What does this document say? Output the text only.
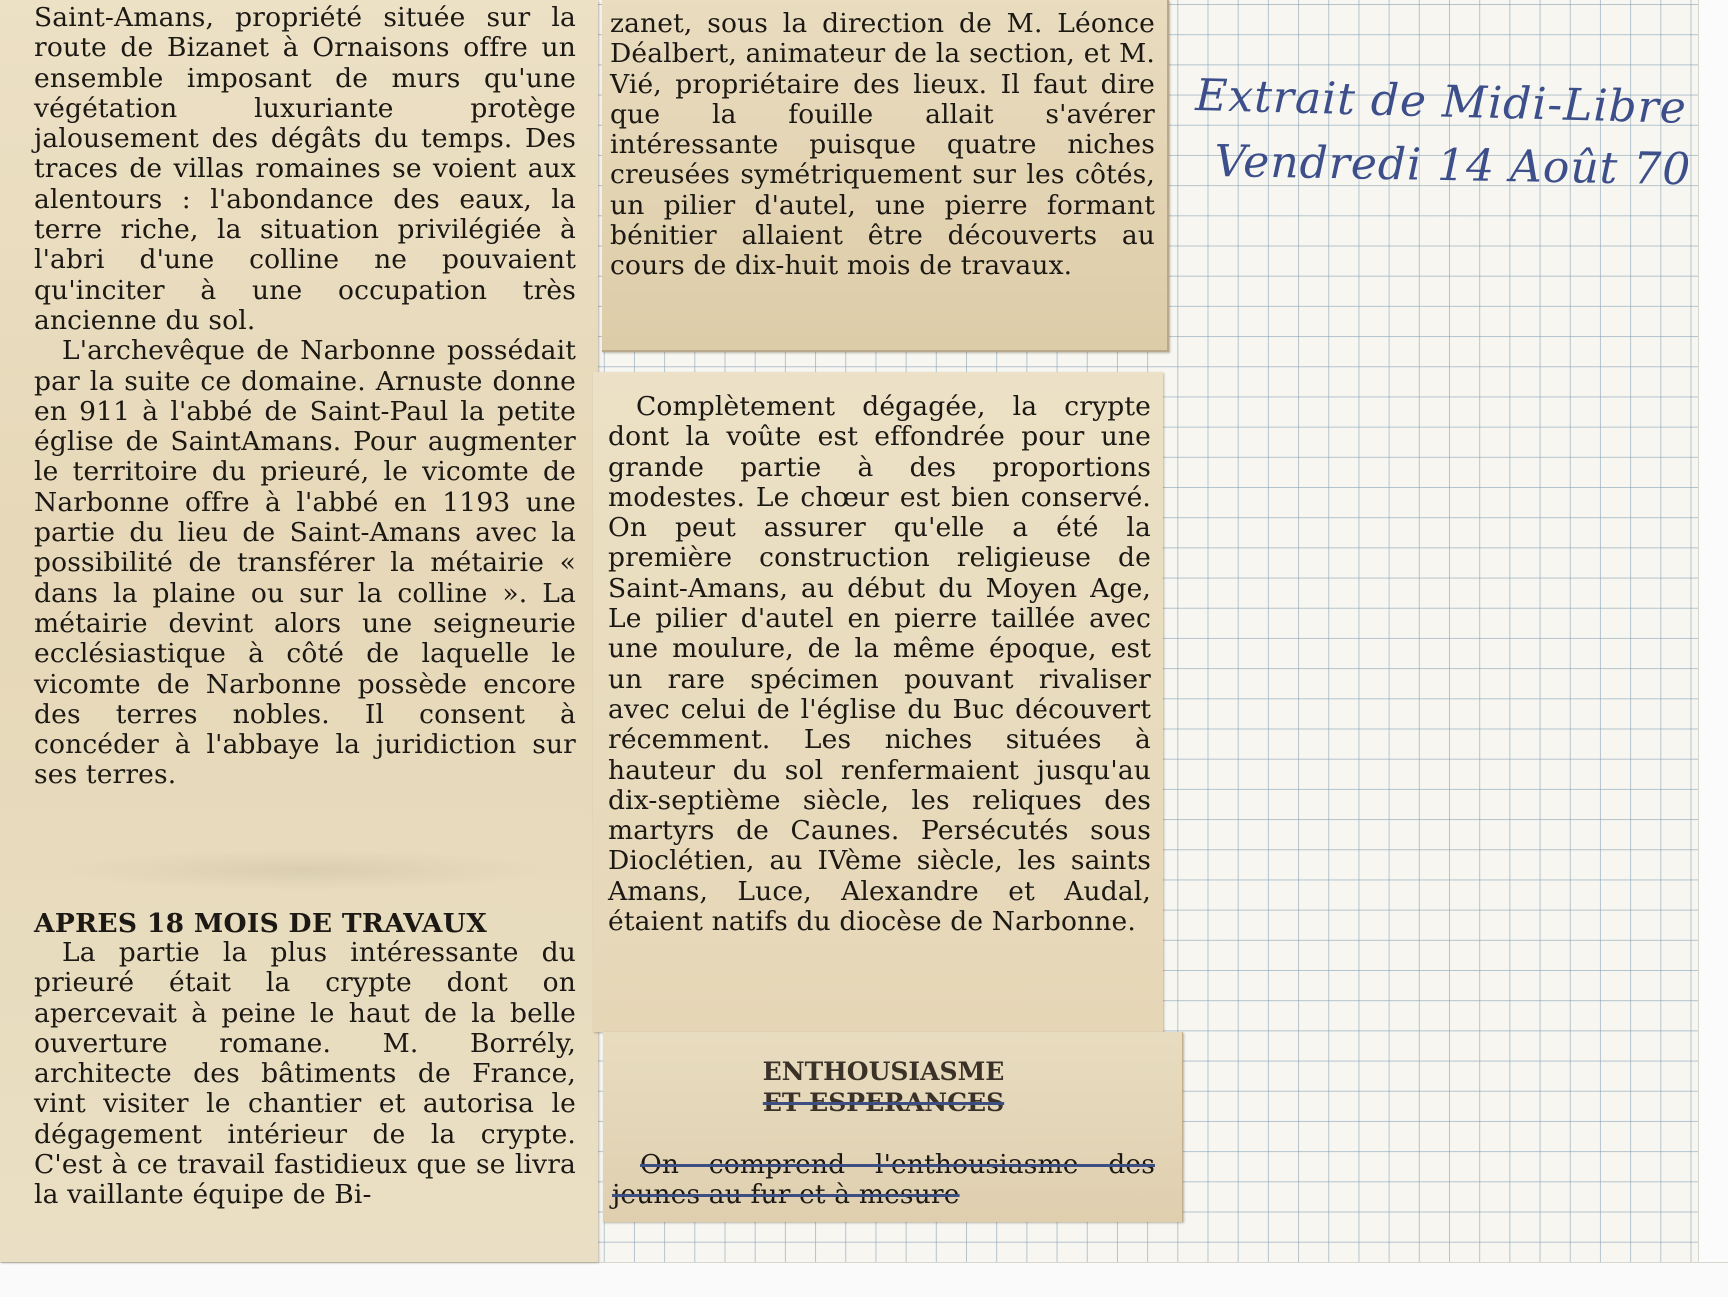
Saint-Amans, propriété située sur la route de Bizanet à Ornaisons offre un ensemble imposant de murs qu'une végétation luxuriante protège jalousement des dégâts du temps. Des traces de villas romaines se voient aux alentours : l'abondance des eaux, la terre riche, la situation privilégiée à l'abri d'une colline ne pouvaient qu'inciter à une occupation très ancienne du sol.

L'archevêque de Narbonne possédait par la suite ce domaine. Arnuste donne en 911 à l'abbé de Saint-Paul la petite église de SaintAmans. Pour augmenter le territoire du prieuré, le vicomte de Narbonne offre à l'abbé en 1193 une partie du lieu de Saint-Amans avec la possibilité de transférer la métairie « dans la plaine ou sur la colline ». La métairie devint alors une seigneurie ecclésiastique à côté de laquelle le vicomte de Narbonne possède encore des terres nobles. Il consent à concéder à l'abbaye la juridiction sur ses terres.

APRES 18 MOIS DE TRAVAUX

La partie la plus intéressante du prieuré était la crypte dont on apercevait à peine le haut de la belle ouverture romane. M. Borrély, architecte des bâtiments de France, vint visiter le chantier et autorisa le dégagement intérieur de la crypte. C'est à ce travail fastidieux que se livra la vaillante équipe de Bi-

zanet, sous la direction de M. Léonce Déalbert, animateur de la section, et M. Vié, propriétaire des lieux. Il faut dire que la fouille allait s'avérer intéressante puisque quatre niches creusées symétriquement sur les côtés, un pilier d'autel, une pierre formant bénitier allaient être découverts au cours de dix-huit mois de travaux.

Complètement dégagée, la crypte dont la voûte est effondrée pour une grande partie à des proportions modestes. Le chœur est bien conservé. On peut assurer qu'elle a été la première construction religieuse de Saint-Amans, au début du Moyen Age, Le pilier d'autel en pierre taillée avec une moulure, de la même époque, est un rare spécimen pouvant rivaliser avec celui de l'église du Buc découvert récemment. Les niches situées à hauteur du sol renfermaient jusqu'au dix-septième siècle, les reliques des martyrs de Caunes. Persécutés sous Dioclétien, au IVème siècle, les saints Amans, Luce, Alexandre et Audal, étaient natifs du diocèse de Narbonne.

ENTHOUSIASME
ET ESPERANCES

On comprend l'enthousiasme des jeunes au fur et à mesure

Extrait de Midi-Libre
Vendredi 14 Août 70
